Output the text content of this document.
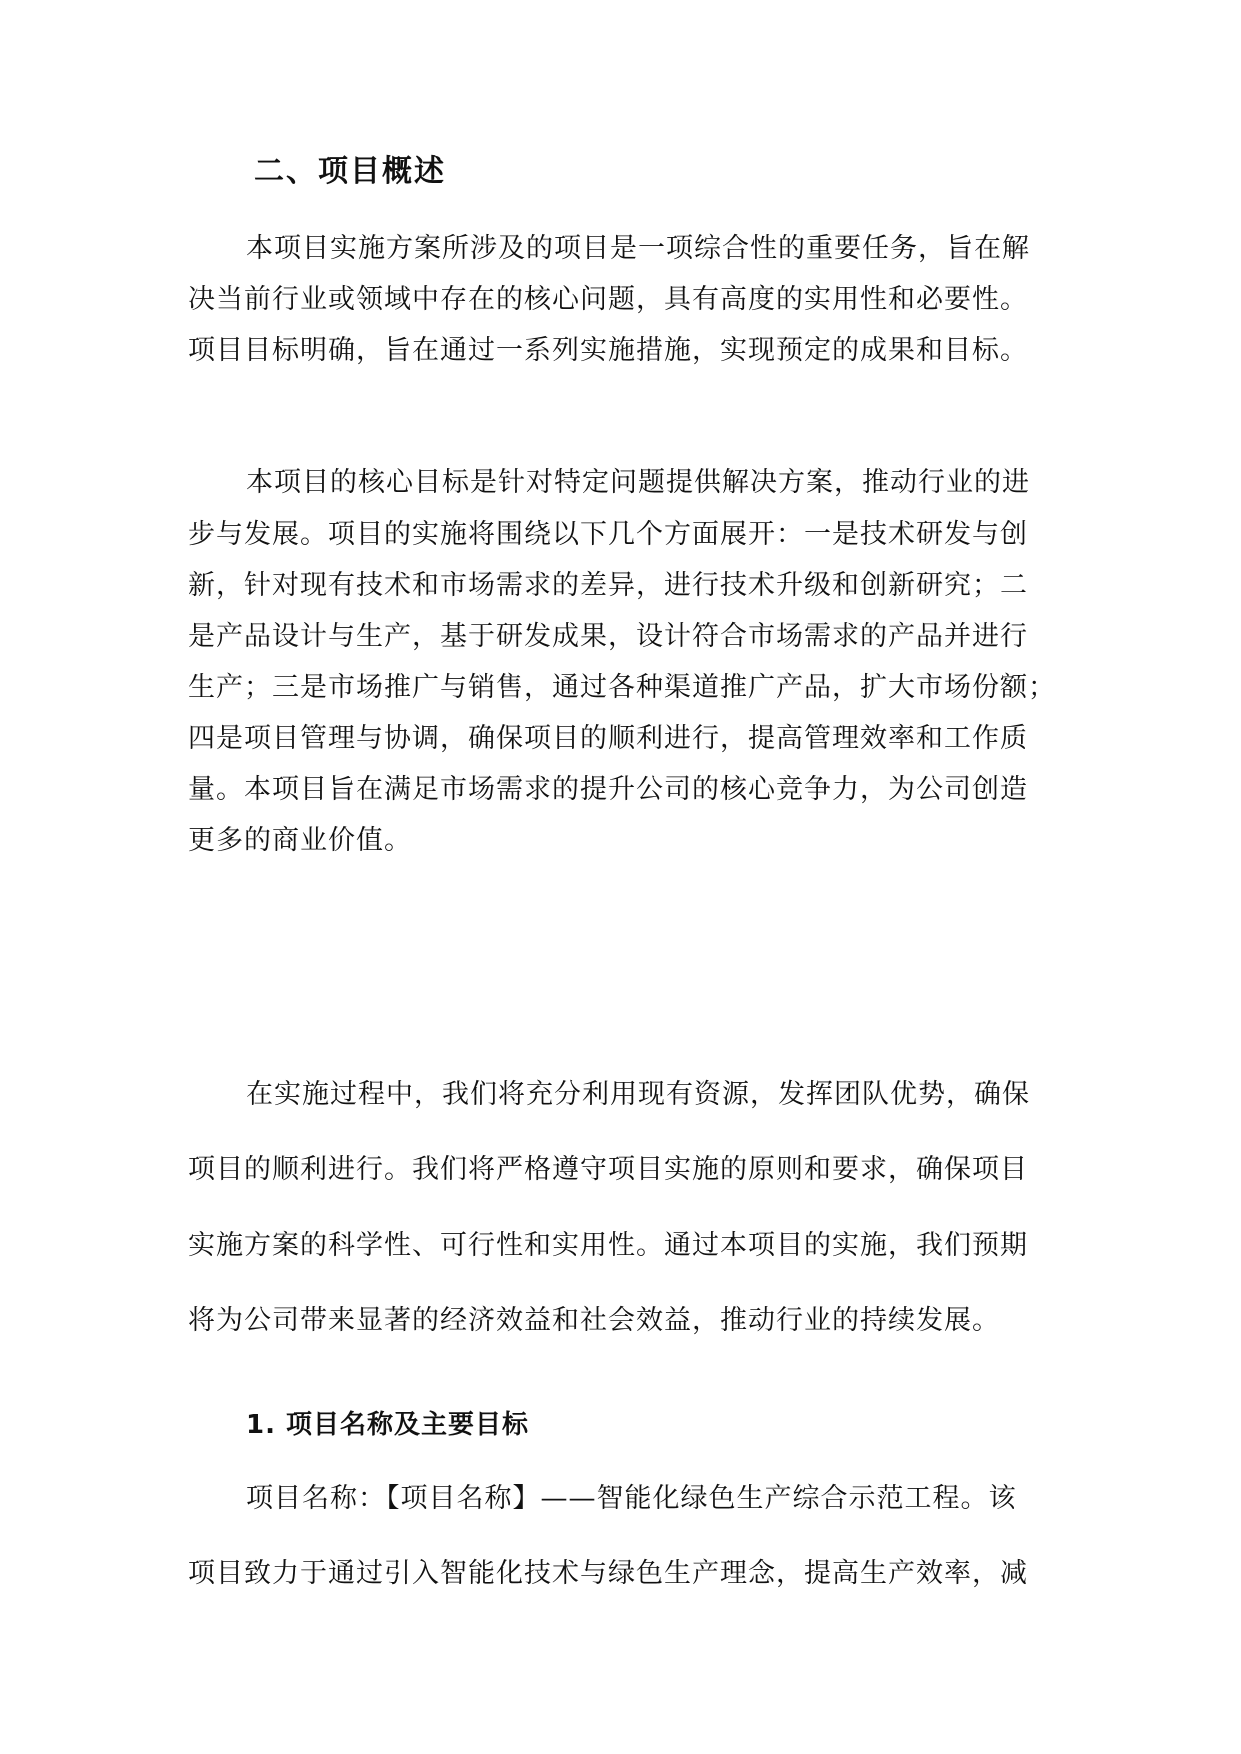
二、项目概述
本项目实施方案所涉及的项目是一项综合性的重要任务，旨在解
决当前行业或领域中存在的核心问题，具有高度的实用性和必要性。
项目目标明确，旨在通过一系列实施措施，实现预定的成果和目标。
本项目的核心目标是针对特定问题提供解决方案，推动行业的进
步与发展。项目的实施将围绕以下几个方面展开：一是技术研发与创
新，针对现有技术和市场需求的差异，进行技术升级和创新研究；二
是产品设计与生产，基于研发成果，设计符合市场需求的产品并进行
生产；三是市场推广与销售，通过各种渠道推广产品，扩大市场份额；
四是项目管理与协调，确保项目的顺利进行，提高管理效率和工作质
量。本项目旨在满足市场需求的提升公司的核心竞争力，为公司创造
更多的商业价值。
在实施过程中，我们将充分利用现有资源，发挥团队优势，确保
项目的顺利进行。我们将严格遵守项目实施的原则和要求，确保项目
实施方案的科学性、可行性和实用性。通过本项目的实施，我们预期
将为公司带来显著的经济效益和社会效益，推动行业的持续发展。
1. 项目名称及主要目标
项目名称：【项目名称】——智能化绿色生产综合示范工程。该
项目致力于通过引入智能化技术与绿色生产理念，提高生产效率，减
